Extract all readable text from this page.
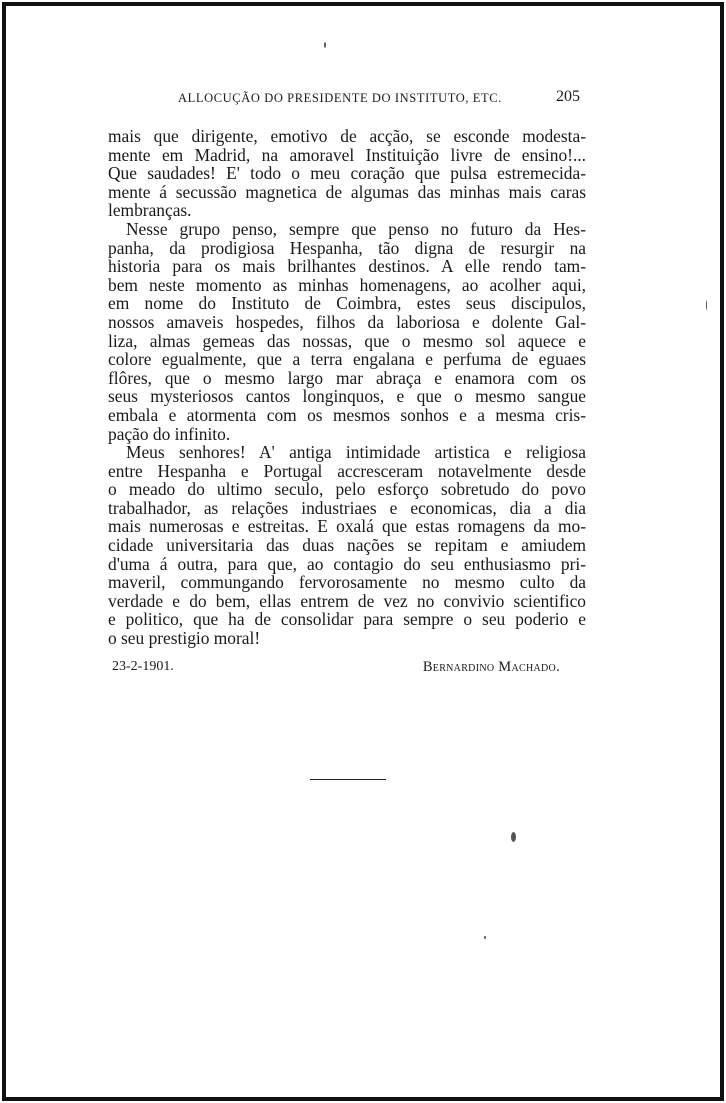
ALLOCUÇÃO DO PRESIDENTE DO INSTITUTO, ETC.	205
mais que dirigente, emotivo de acção, se esconde modesta-
mente em Madrid, na amoravel Instituição livre de ensino!...
Que saudades! E' todo o meu coração que pulsa estremecida-
mente á secussão magnetica de algumas das minhas mais caras
lembranças.
Nesse grupo penso, sempre que penso no futuro da Hes-
panha, da prodigiosa Hespanha, tão digna de resurgir na
historia para os mais brilhantes destinos. A elle rendo tam-
bem neste momento as minhas homenagens, ao acolher aqui,
em nome do Instituto de Coimbra, estes seus discipulos,
nossos amaveis hospedes, filhos da laboriosa e dolente Gal-
liza, almas gemeas das nossas, que o mesmo sol aquece e
colore egualmente, que a terra engalana e perfuma de eguaes
flôres, que o mesmo largo mar abraça e enamora com os
seus mysteriosos cantos longinquos, e que o mesmo sangue
embala e atormenta com os mesmos sonhos e a mesma cris-
pação do infinito.
Meus senhores! A' antiga intimidade artistica e religiosa
entre Hespanha e Portugal accresceram notavelmente desde
o meado do ultimo seculo, pelo esforço sobretudo do povo
trabalhador, as relações industriaes e economicas, dia a dia
mais numerosas e estreitas. E oxalá que estas romagens da mo-
cidade universitaria das duas nações se repitam e amiudem
d'uma á outra, para que, ao contagio do seu enthusiasmo pri-
maveril, commungando fervorosamente no mesmo culto da
verdade e do bem, ellas entrem de vez no convivio scientifico
e politico, que ha de consolidar para sempre o seu poderio e
o seu prestigio moral!
23-2-1901.	Bernardino Machado.
